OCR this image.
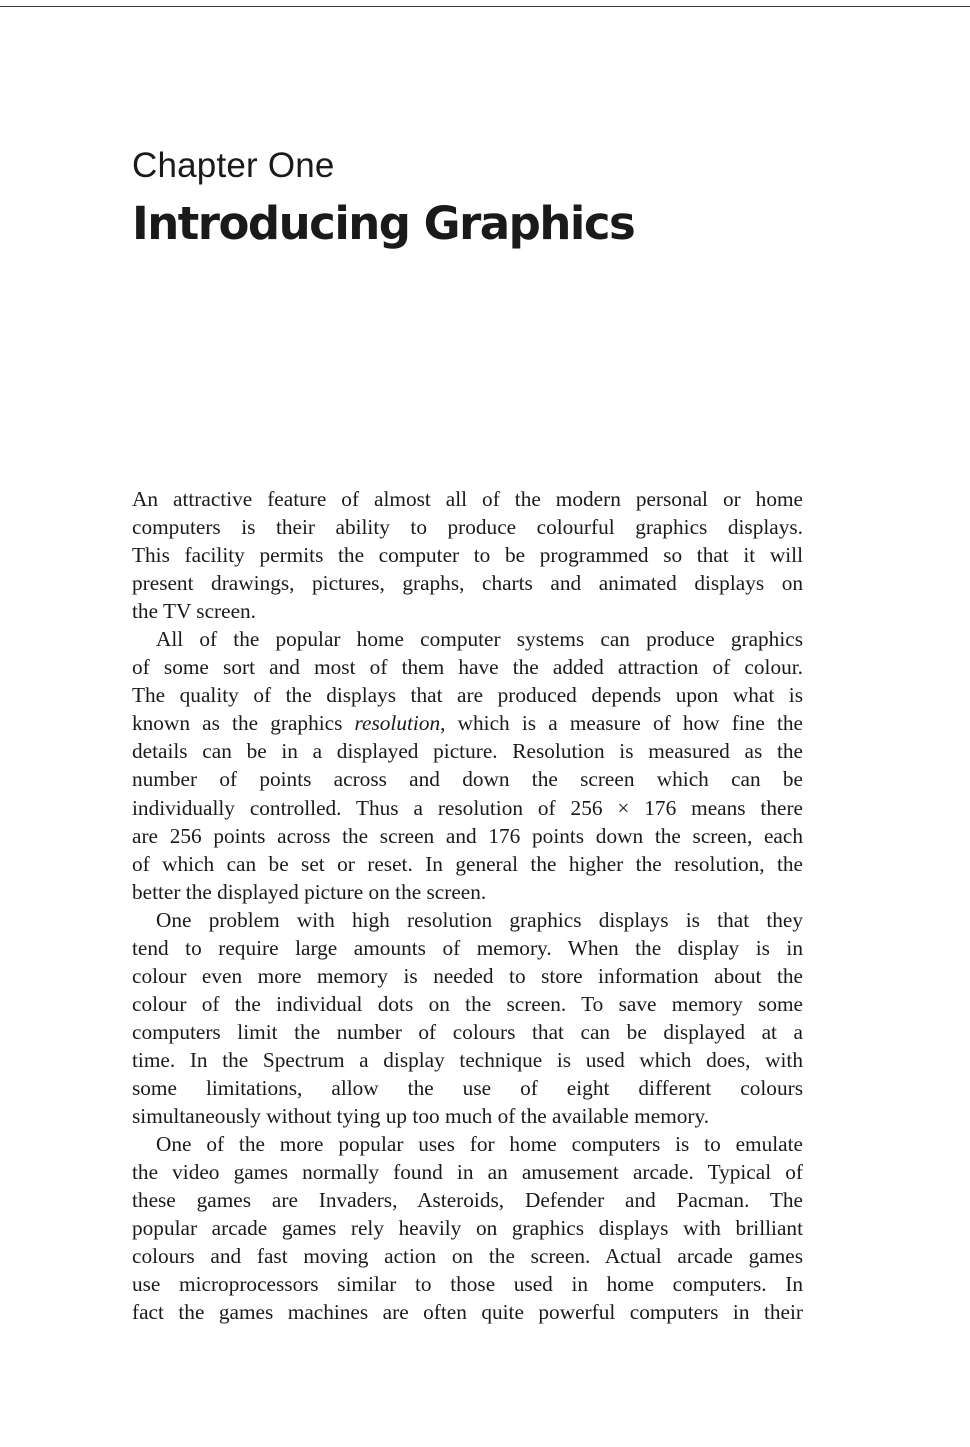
Chapter One
Introducing Graphics
An attractive feature of almost all of the modern personal or home
computers is their ability to produce colourful graphics displays.
This facility permits the computer to be programmed so that it will
present drawings, pictures, graphs, charts and animated displays on
the TV screen.
All of the popular home computer systems can produce graphics
of some sort and most of them have the added attraction of colour.
The quality of the displays that are produced depends upon what is
known as the graphics resolution, which is a measure of how fine the
details can be in a displayed picture. Resolution is measured as the
number of points across and down the screen which can be
individually controlled. Thus a resolution of 256 × 176 means there
are 256 points across the screen and 176 points down the screen, each
of which can be set or reset. In general the higher the resolution, the
better the displayed picture on the screen.
One problem with high resolution graphics displays is that they
tend to require large amounts of memory. When the display is in
colour even more memory is needed to store information about the
colour of the individual dots on the screen. To save memory some
computers limit the number of colours that can be displayed at a
time. In the Spectrum a display technique is used which does, with
some limitations, allow the use of eight different colours
simultaneously without tying up too much of the available memory.
One of the more popular uses for home computers is to emulate
the video games normally found in an amusement arcade. Typical of
these games are Invaders, Asteroids, Defender and Pacman. The
popular arcade games rely heavily on graphics displays with brilliant
colours and fast moving action on the screen. Actual arcade games
use microprocessors similar to those used in home computers. In
fact the games machines are often quite powerful computers in their
